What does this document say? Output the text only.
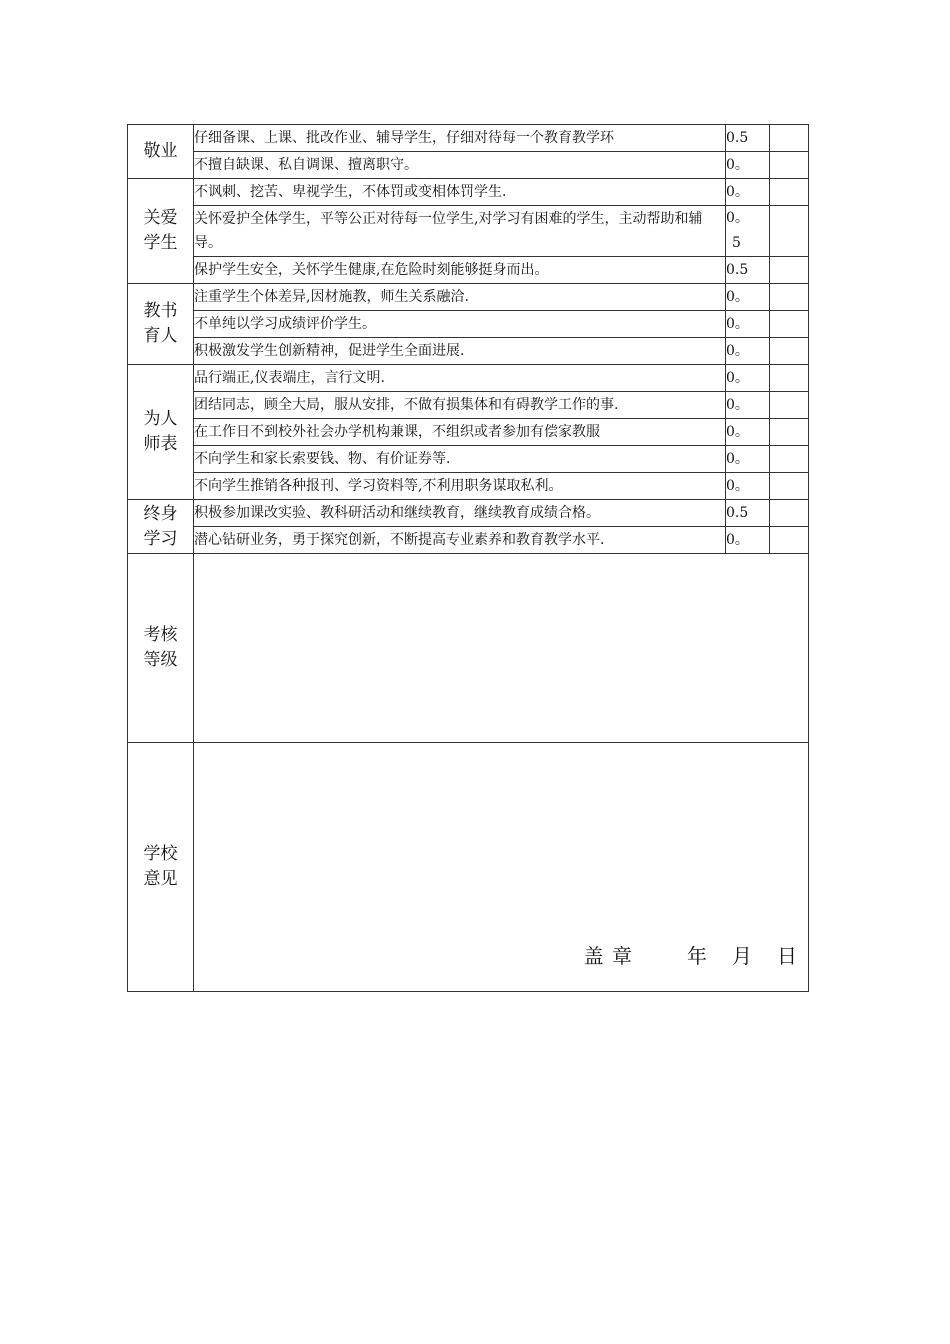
敬业	仔细备课、上课、批改作业、辅导学生，仔细对待每一个教育教学环	0.5	
	不擅自缺课、私自调课、擅离职守。	0。	

关爱
学生	不讽刺、挖苦、卑视学生，不体罚或变相体罚学生.	0。	
	关怀爱护全体学生，平等公正对待每一位学生,对学习有困难的学生，主动帮助和辅导。	0。
5	

	保护学生安全，关怀学生健康,在危险时刻能够挺身而出。	0.5	

教书
育人	注重学生个体差异,因材施教，师生关系融洽.	0。	
	不单纯以学习成绩评价学生。	0。	
	积极激发学生创新精神，促进学生全面进展.	0。	

为人
师表	品行端正,仪表端庄，言行文明.	0。	
	团结同志，顾全大局，服从安排，不做有损集体和有碍教学工作的事.	0。	
	在工作日不到校外社会办学机构兼课，不组织或者参加有偿家教服	0。	
	不向学生和家长索要钱、物、有价证券等.	0。	
	不向学生推销各种报刊、学习资料等,不利用职务谋取私利。	0。	

终身
学习	积极参加课改实验、教科研活动和继续教育，继续教育成绩合格。	0.5	
	潜心钻研业务，勇于探究创新，不断提高专业素养和教育教学水平.	0。	

考核
等级			

学校
意见	盖 章 年 月 日		
